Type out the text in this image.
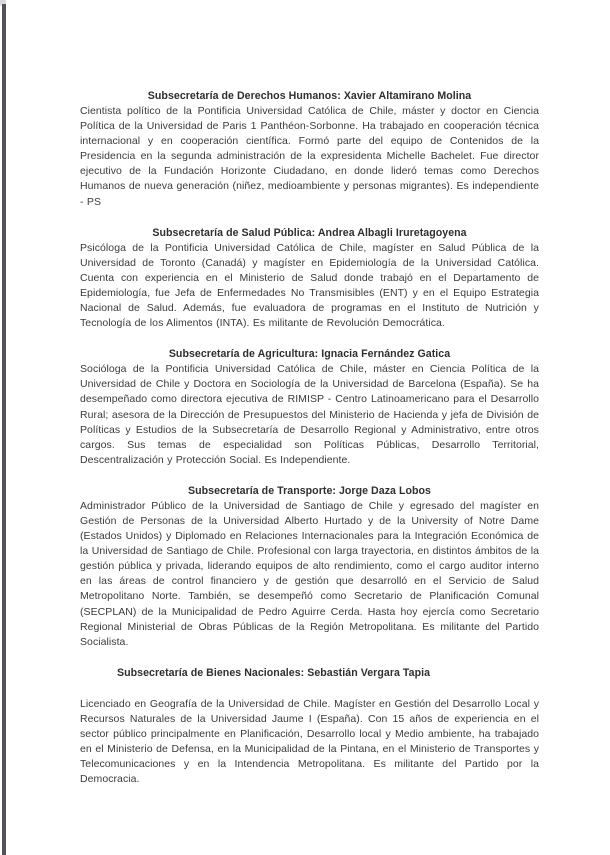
Subsecretaría de Derechos Humanos: Xavier Altamirano Molina

Cientista político de la Pontificia Universidad Católica de Chile, máster y doctor en Ciencia Política de la Universidad de Paris 1 Panthéon-Sorbonne. Ha trabajado en cooperación técnica internacional y en cooperación científica. Formó parte del equipo de Contenidos de la Presidencia en la segunda administración de la expresidenta Michelle Bachelet. Fue director ejecutivo de la Fundación Horizonte Ciudadano, en donde lideró temas como Derechos Humanos de nueva generación (niñez, medioambiente y personas migrantes). Es independiente - PS

Subsecretaría de Salud Pública: Andrea Albagli Iruretagoyena

Psicóloga de la Pontificia Universidad Católica de Chile, magíster en Salud Pública de la Universidad de Toronto (Canadá) y magíster en Epidemiología de la Universidad Católica. Cuenta con experiencia en el Ministerio de Salud donde trabajó en el Departamento de Epidemiología, fue Jefa de Enfermedades No Transmisibles (ENT) y en el Equipo Estrategia Nacional de Salud. Además, fue evaluadora de programas en el Instituto de Nutrición y Tecnología de los Alimentos (INTA). Es militante de Revolución Democrática.

Subsecretaría de Agricultura: Ignacia Fernández Gatica

Socióloga de la Pontificia Universidad Católica de Chile, máster en Ciencia Política de la Universidad de Chile y Doctora en Sociología de la Universidad de Barcelona (España). Se ha desempeñado como directora ejecutiva de RIMISP - Centro Latinoamericano para el Desarrollo Rural; asesora de la Dirección de Presupuestos del Ministerio de Hacienda y jefa de División de Políticas y Estudios de la Subsecretaría de Desarrollo Regional y Administrativo, entre otros cargos. Sus temas de especialidad son Políticas Públicas, Desarrollo Territorial, Descentralización y Protección Social. Es Independiente.

Subsecretaría de Transporte: Jorge Daza Lobos

Administrador Público de la Universidad de Santiago de Chile y egresado del magíster en Gestión de Personas de la Universidad Alberto Hurtado y de la University of Notre Dame (Estados Unidos) y Diplomado en Relaciones Internacionales para la Integración Económica de la Universidad de Santiago de Chile. Profesional con larga trayectoria, en distintos ámbitos de la gestión pública y privada, liderando equipos de alto rendimiento, como el cargo auditor interno en las áreas de control financiero y de gestión que desarrolló en el Servicio de Salud Metropolitano Norte. También, se desempeñó como Secretario de Planificación Comunal (SECPLAN) de la Municipalidad de Pedro Aguirre Cerda. Hasta hoy ejercía como Secretario Regional Ministerial de Obras Públicas de la Región Metropolitana. Es militante del Partido Socialista.

Subsecretaría de Bienes Nacionales: Sebastián Vergara Tapia

Licenciado en Geografía de la Universidad de Chile. Magíster en Gestión del Desarrollo Local y Recursos Naturales de la Universidad Jaume I (España). Con 15 años de experiencia en el sector público principalmente en Planificación, Desarrollo local y Medio ambiente, ha trabajado en el Ministerio de Defensa, en la Municipalidad de la Pintana, en el Ministerio de Transportes y Telecomunicaciones y en la Intendencia Metropolitana. Es militante del Partido por la Democracia.
